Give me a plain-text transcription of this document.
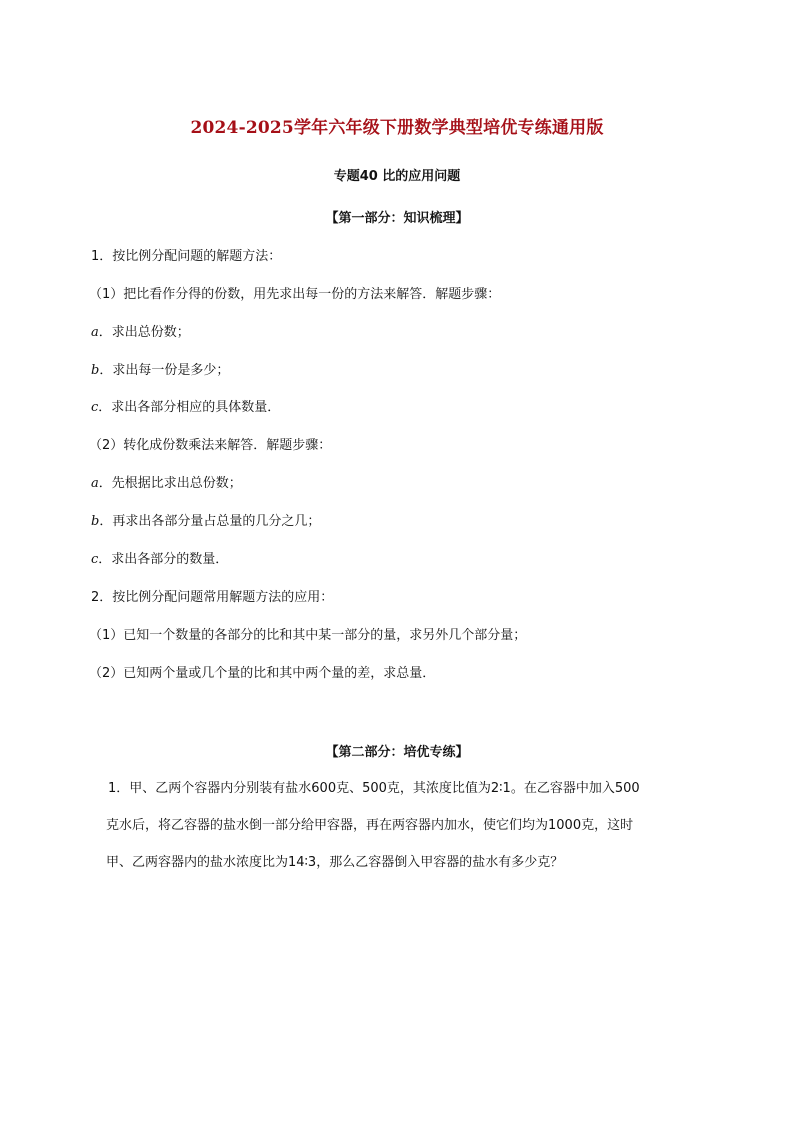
2024-2025学年六年级下册数学典型培优专练通用版
专题40 比的应用问题
【第一部分：知识梳理】
1．按比例分配问题的解题方法：
（1）把比看作分得的份数，用先求出每一份的方法来解答．解题步骤：
a．求出总份数；
b．求出每一份是多少；
c．求出各部分相应的具体数量．
（2）转化成份数乘法来解答．解题步骤：
a．先根据比求出总份数；
b．再求出各部分量占总量的几分之几；
c．求出各部分的数量．
2．按比例分配问题常用解题方法的应用：
（1）已知一个数量的各部分的比和其中某一部分的量，求另外几个部分量；
（2）已知两个量或几个量的比和其中两个量的差，求总量．
【第二部分：培优专练】
1．甲、乙两个容器内分别装有盐水600克、500克，其浓度比值为2∶1。在乙容器中加入500
克水后，将乙容器的盐水倒一部分给甲容器，再在两容器内加水，使它们均为1000克，这时
甲、乙两容器内的盐水浓度比为14∶3，那么乙容器倒入甲容器的盐水有多少克？
